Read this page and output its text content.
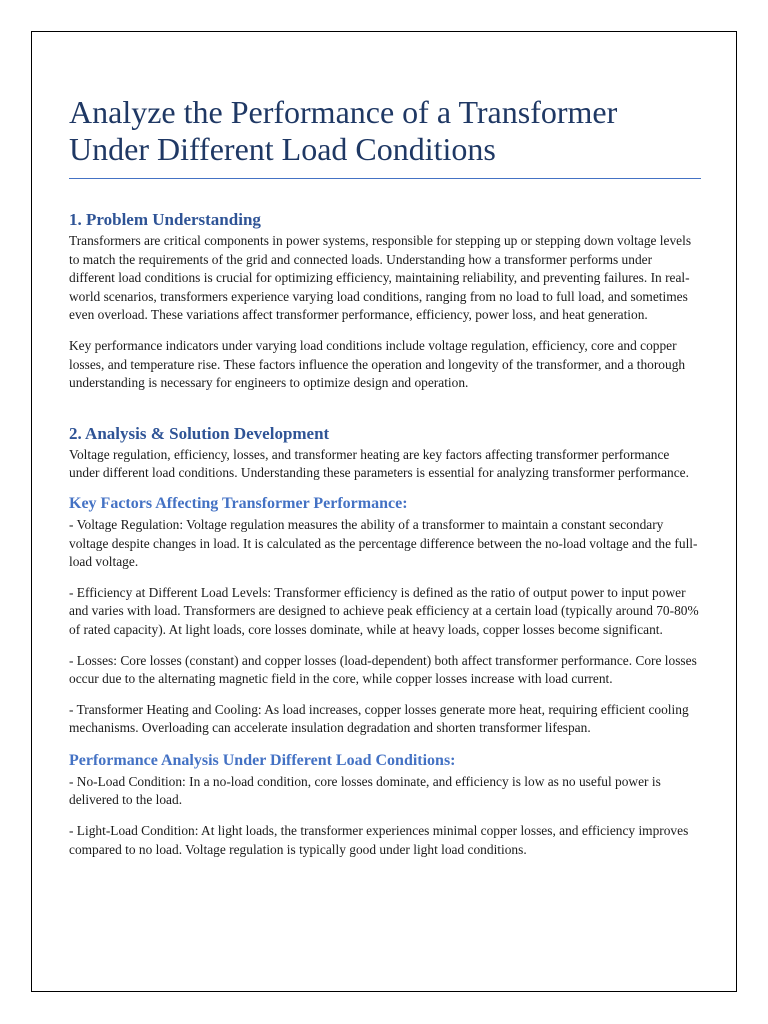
Analyze the Performance of a Transformer Under Different Load Conditions
1. Problem Understanding

Transformers are critical components in power systems, responsible for stepping up or stepping down voltage levels to match the requirements of the grid and connected loads. Understanding how a transformer performs under different load conditions is crucial for optimizing efficiency, maintaining reliability, and preventing failures. In real-world scenarios, transformers experience varying load conditions, ranging from no load to full load, and sometimes even overload. These variations affect transformer performance, efficiency, power loss, and heat generation.

Key performance indicators under varying load conditions include voltage regulation, efficiency, core and copper losses, and temperature rise. These factors influence the operation and longevity of the transformer, and a thorough understanding is necessary for engineers to optimize design and operation.

2. Analysis & Solution Development

Voltage regulation, efficiency, losses, and transformer heating are key factors affecting transformer performance under different load conditions. Understanding these parameters is essential for analyzing transformer performance.

Key Factors Affecting Transformer Performance:

- Voltage Regulation: Voltage regulation measures the ability of a transformer to maintain a constant secondary voltage despite changes in load. It is calculated as the percentage difference between the no-load voltage and the full-load voltage.

- Efficiency at Different Load Levels: Transformer efficiency is defined as the ratio of output power to input power and varies with load. Transformers are designed to achieve peak efficiency at a certain load (typically around 70-80% of rated capacity). At light loads, core losses dominate, while at heavy loads, copper losses become significant.

- Losses: Core losses (constant) and copper losses (load-dependent) both affect transformer performance. Core losses occur due to the alternating magnetic field in the core, while copper losses increase with load current.

- Transformer Heating and Cooling: As load increases, copper losses generate more heat, requiring efficient cooling mechanisms. Overloading can accelerate insulation degradation and shorten transformer lifespan.

Performance Analysis Under Different Load Conditions:

- No-Load Condition: In a no-load condition, core losses dominate, and efficiency is low as no useful power is delivered to the load.

- Light-Load Condition: At light loads, the transformer experiences minimal copper losses, and efficiency improves compared to no load. Voltage regulation is typically good under light load conditions.
